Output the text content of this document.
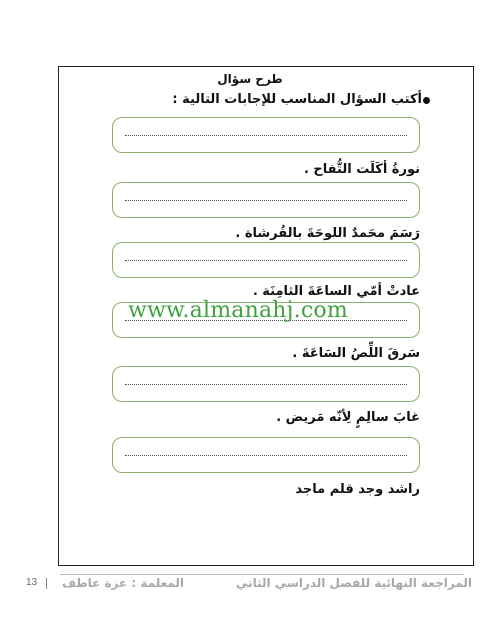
طرح سؤال
أكتب السؤال المناسب للإجابات التالية :
نورةُ أكَلَت التُّفاح .
رَسَمَ محَمدٌ اللوحَةَ بالفُرشاة .
عادتْ أمّي الساعَةَ الثامِنَة .
www.almanahj.com
سَرقَ اللِّصُ السَاعَةَ .
غابَ سالِمٍ لِأنّه مَريض .
راشد وجد قلم ماجد
المراجعة النهائية للفصل الدراسي الثاني
المعلمة : عزة عاطف
13
